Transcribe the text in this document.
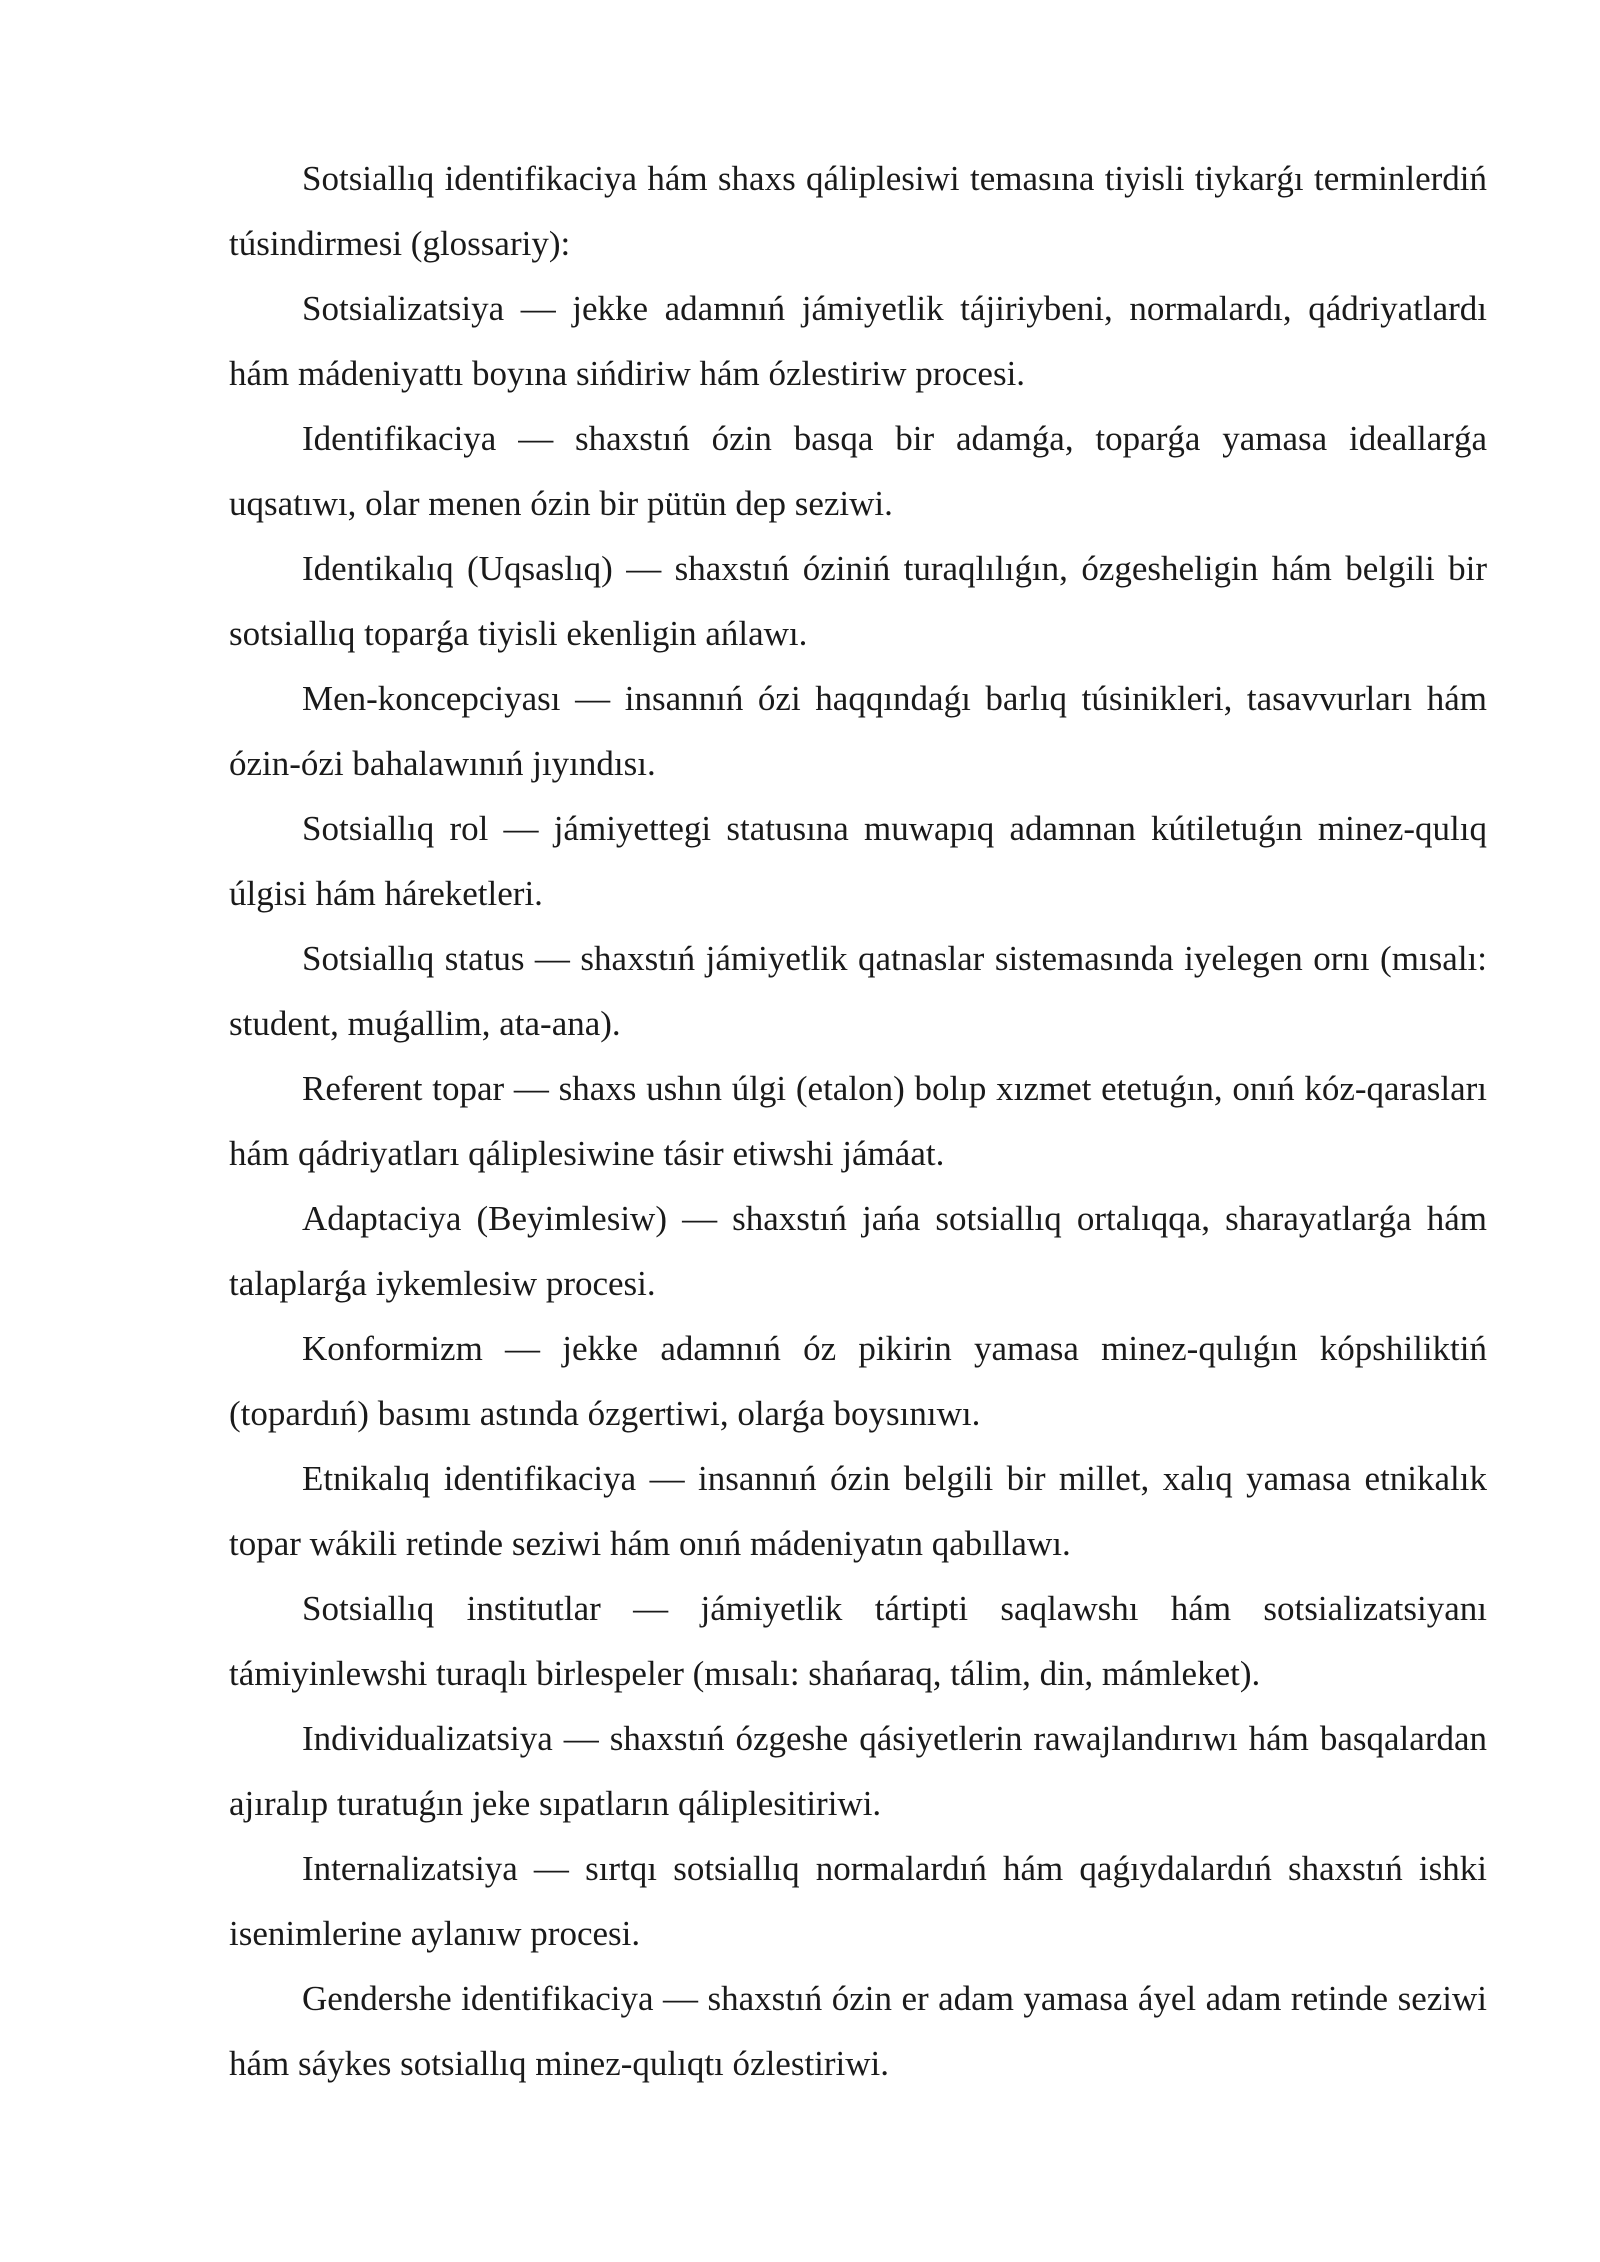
Sotsiallıq identifikaciya hám shaxs qáliplesiwi temasına tiyisli tiykarǵı terminlerdiń túsindirmesi (glossariy):

Sotsializatsiya — jekke adamnıń jámiyetlik tájiriybeni, normalardı, qádriyatlardı hám mádeniyattı boyına sińdiriw hám ózlestiriw procesi.

Identifikaciya — shaxstıń ózin basqa bir adamǵa, toparǵa yamasa ideallarǵa uqsatıwı, olar menen ózin bir pütün dep seziwi.

Identikalıq (Uqsaslıq) — shaxstıń óziniń turaqlılıǵın, ózgesheligin hám belgili bir sotsiallıq toparǵa tiyisli ekenligin ańlawı.

Men-koncepciyası — insannıń ózi haqqındaǵı barlıq túsinikleri, tasavvurları hám ózin-ózi bahalawınıń jıyındısı.

Sotsiallıq rol — jámiyettegi statusına muwapıq adamnan kútiletuǵın minez-qulıq úlgisi hám háreketleri.

Sotsiallıq status — shaxstıń jámiyetlik qatnaslar sistemasında iyelegen ornı (mısalı: student, muǵallim, ata-ana).

Referent topar — shaxs ushın úlgi (etalon) bolıp xızmet etetuǵın, onıń kóz-qarasları hám qádriyatları qáliplesiwine tásir etiwshi jámáat.

Adaptaciya (Beyimlesiw) — shaxstıń jańa sotsiallıq ortalıqqa, sharayatlarǵa hám talaplarǵa iykemlesiw procesi.

Konformizm — jekke adamnıń óz pikirin yamasa minez-qulıǵın kópshiliktiń (topardıń) basımı astında ózgertiwi, olarǵa boysınıwı.

Etnikalıq identifikaciya — insannıń ózin belgili bir millet, xalıq yamasa etnikalık topar wákili retinde seziwi hám onıń mádeniyatın qabıllawı.

Sotsiallıq institutlar — jámiyetlik tártipti saqlawshı hám sotsializatsiyanı támiyinlewshi turaqlı birlespeler (mısalı: shańaraq, tálim, din, mámleket).

Individualizatsiya — shaxstıń ózgeshe qásiyetlerin rawajlandırıwı hám basqalardan ajıralıp turatuǵın jeke sıpatların qáliplesitiriwi.

Internalizatsiya — sırtqı sotsiallıq normalardıń hám qaǵıydalardıń shaxstıń ishki isenimlerine aylanıw procesi.

Gendershe identifikaciya — shaxstıń ózin er adam yamasa áyel adam retinde seziwi hám sáykes sotsiallıq minez-qulıqtı ózlestiriwi.
